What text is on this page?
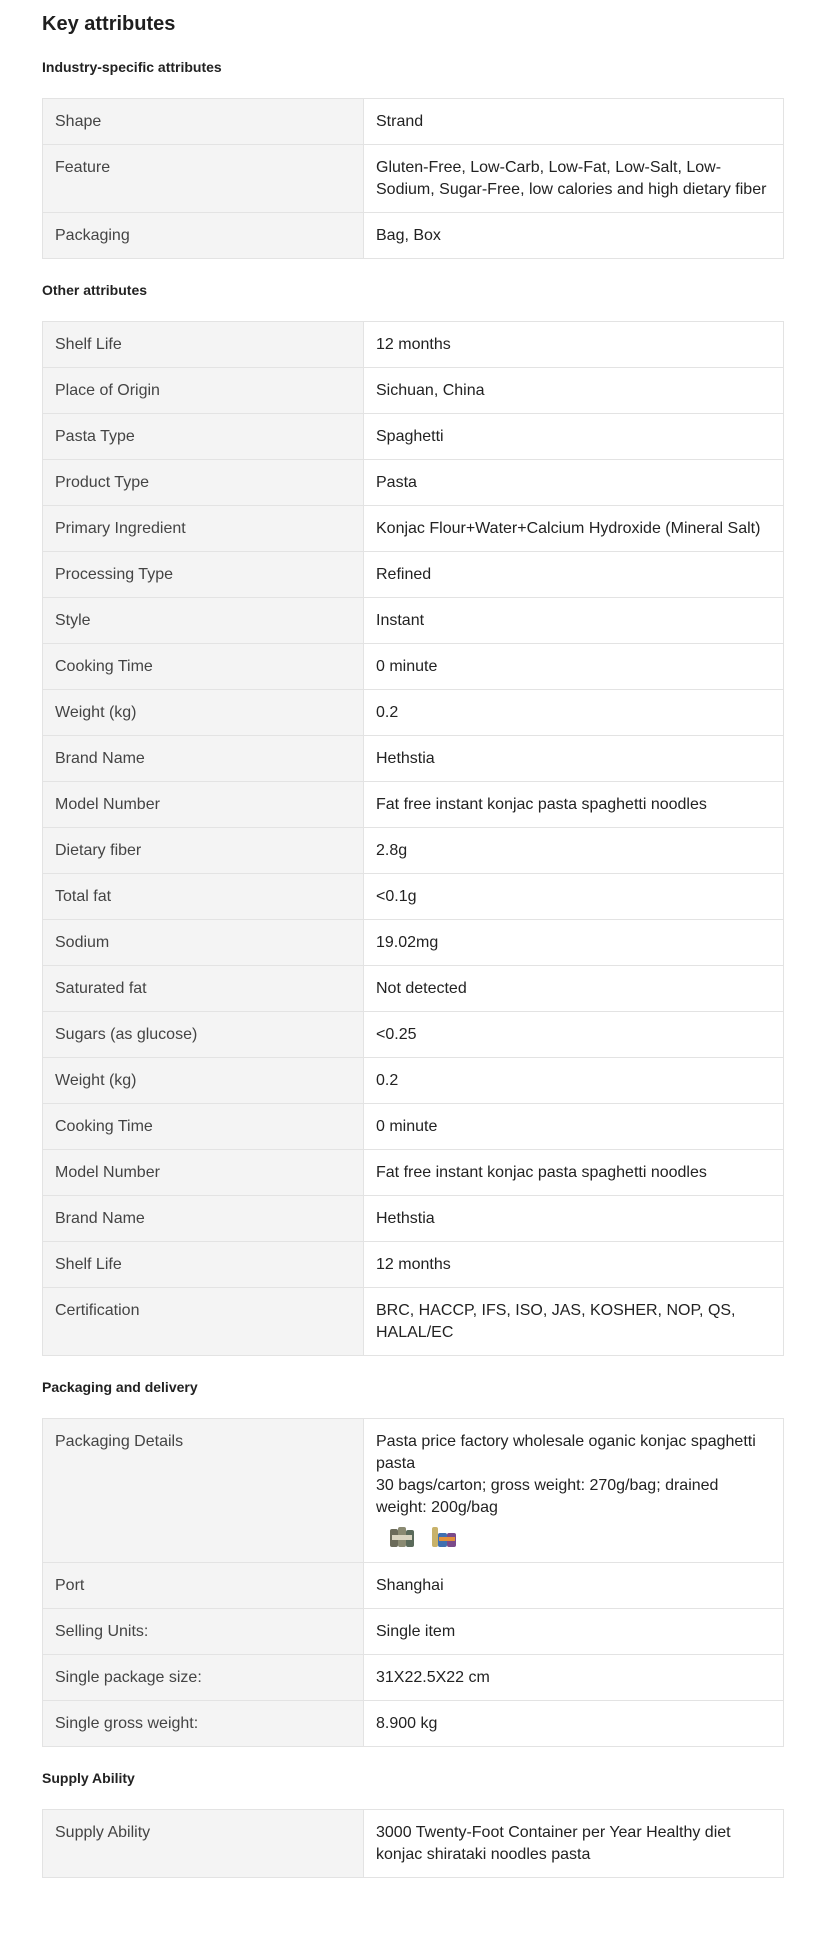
Key attributes
Industry-specific attributes
Shape	Strand
Feature	Gluten-Free, Low-Carb, Low-Fat, Low-Salt, Low-Sodium, Sugar-Free, low calories and high dietary fiber
Packaging	Bag, Box
Other attributes
Shelf Life	12 months
Place of Origin	Sichuan, China
Pasta Type	Spaghetti
Product Type	Pasta
Primary Ingredient	Konjac Flour+Water+Calcium Hydroxide (Mineral Salt)
Processing Type	Refined
Style	Instant
Cooking Time	0 minute
Weight (kg)	0.2
Brand Name	Hethstia
Model Number	Fat free instant konjac pasta spaghetti noodles
Dietary fiber	2.8g
Total fat	<0.1g
Sodium	19.02mg
Saturated fat	Not detected
Sugars (as glucose)	<0.25
Weight (kg)	0.2
Cooking Time	0 minute
Model Number	Fat free instant konjac pasta spaghetti noodles
Brand Name	Hethstia
Shelf Life	12 months
Certification	BRC, HACCP, IFS, ISO, JAS, KOSHER, NOP, QS, HALAL/EC
Packaging and delivery
Packaging Details	Pasta price factory wholesale oganic konjac spaghetti pasta
30 bags/carton; gross weight: 270g/bag; drained weight: 200g/bag

Port	Shanghai
Selling Units:	Single item
Single package size:	31X22.5X22 cm
Single gross weight:	8.900 kg
Supply Ability
Supply Ability	3000 Twenty-Foot Container per Year Healthy diet konjac shirataki noodles pasta
